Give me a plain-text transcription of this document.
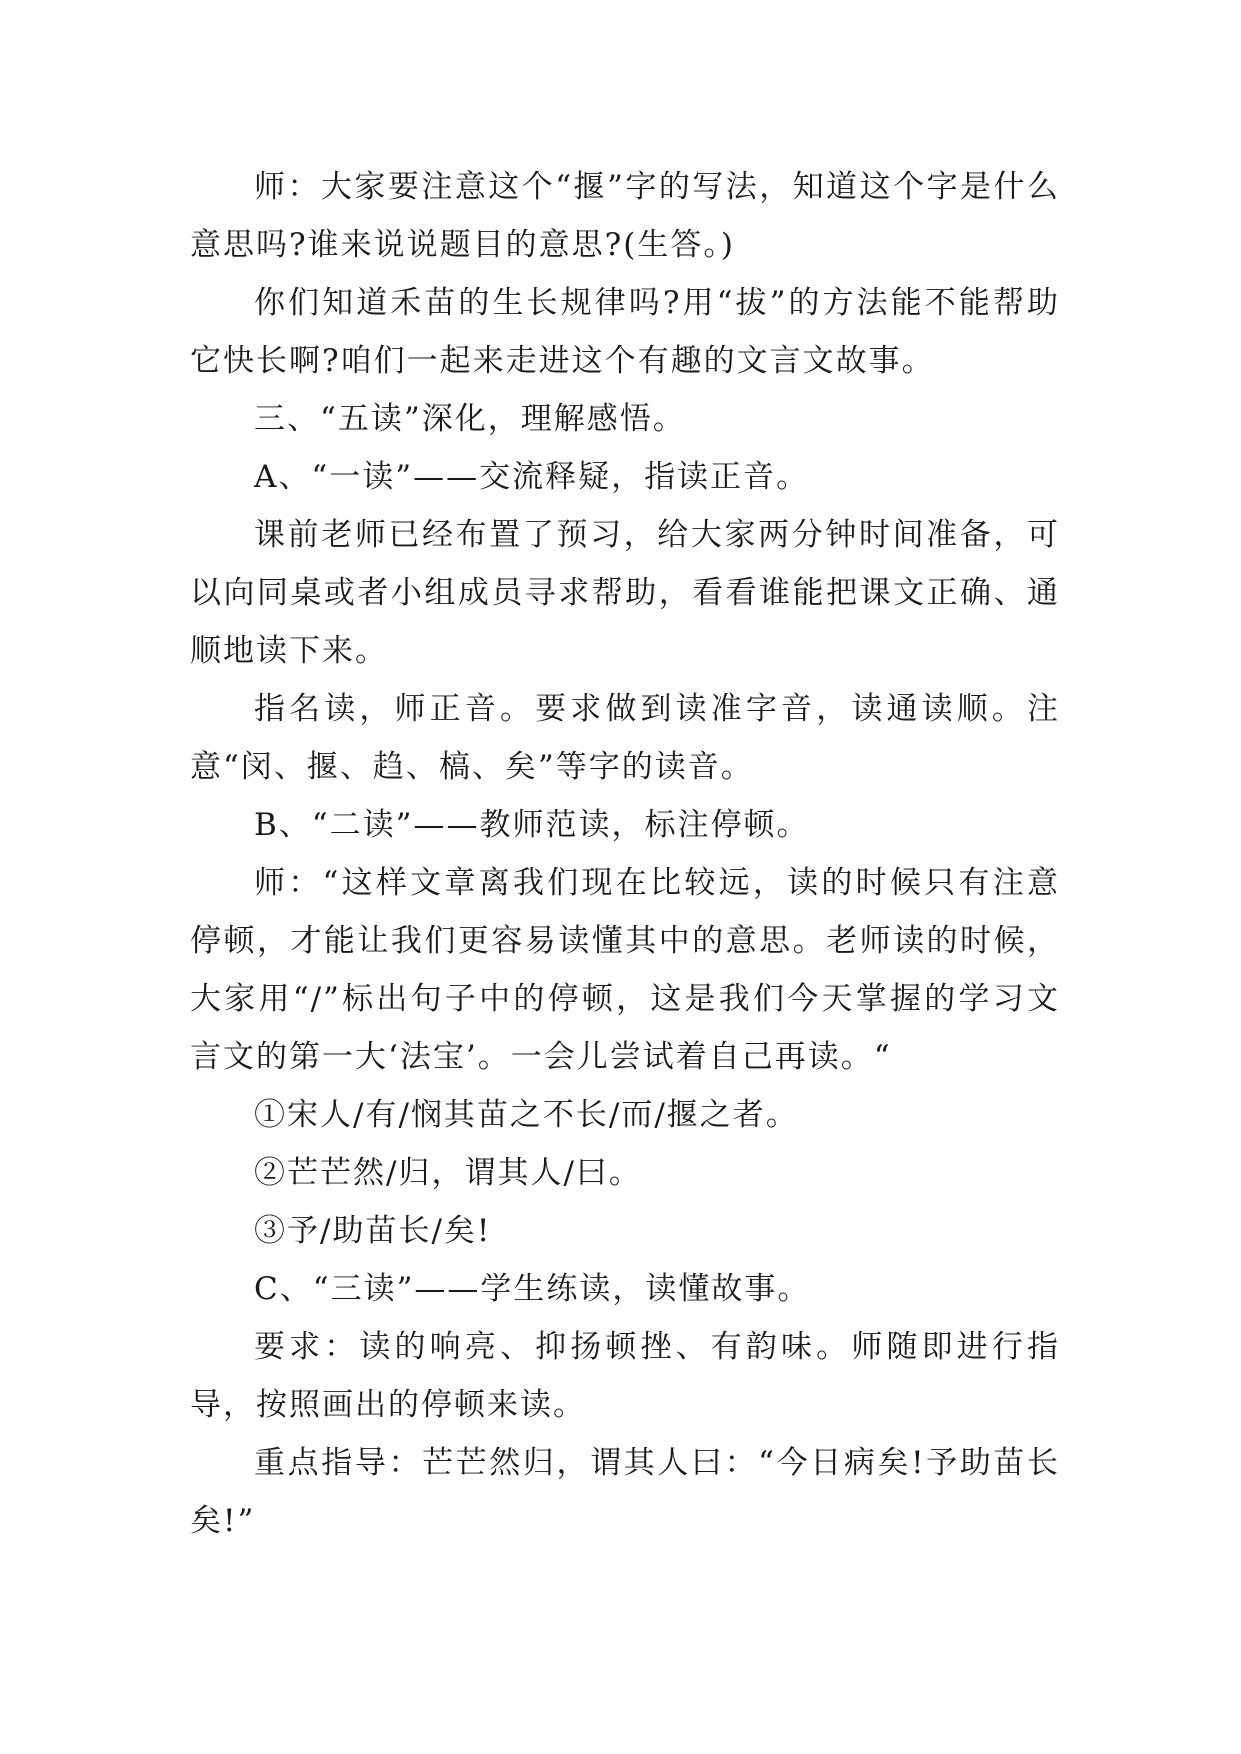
师：大家要注意这个“揠”字的写法，知道这个字是什么意思吗?谁来说说题目的意思?(生答。)

你们知道禾苗的生长规律吗?用“拔”的方法能不能帮助它快长啊?咱们一起来走进这个有趣的文言文故事。

三、“五读”深化，理解感悟。

A、“一读”——交流释疑，指读正音。

课前老师已经布置了预习，给大家两分钟时间准备，可以向同桌或者小组成员寻求帮助，看看谁能把课文正确、通顺地读下来。

指名读，师正音。要求做到读准字音，读通读顺。注意“闵、揠、趋、槁、矣”等字的读音。

B、“二读”——教师范读，标注停顿。

师：“这样文章离我们现在比较远，读的时候只有注意停顿，才能让我们更容易读懂其中的意思。老师读的时候，大家用“/”标出句子中的停顿，这是我们今天掌握的学习文言文的第一大‘法宝’。一会儿尝试着自己再读。“

①宋人/有/悯其苗之不长/而/揠之者。

②芒芒然/归，谓其人/曰。

③予/助苗长/矣!

C、“三读”——学生练读，读懂故事。

要求：读的响亮、抑扬顿挫、有韵味。师随即进行指导，按照画出的停顿来读。

重点指导：芒芒然归，谓其人曰：“今日病矣!予助苗长矣!”
